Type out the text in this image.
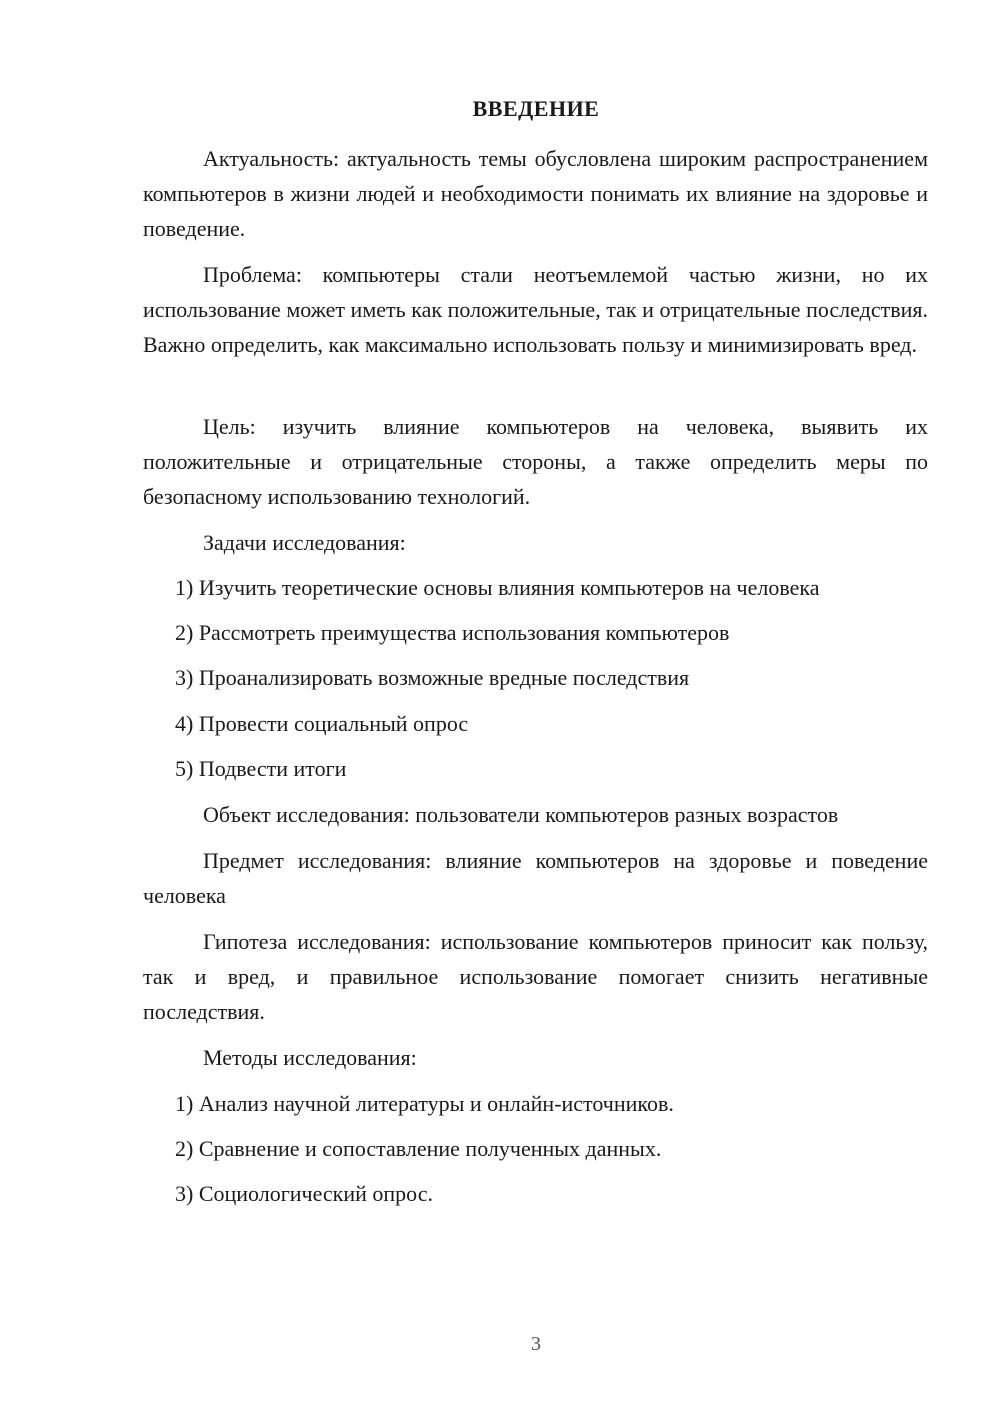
ВВЕДЕНИЕ

Актуальность: актуальность темы обусловлена широким распространением компьютеров в жизни людей и необходимости понимать их влияние на здоровье и поведение.

Проблема: компьютеры стали неотъемлемой частью жизни, но их использование может иметь как положительные, так и отрицательные последствия. Важно определить, как максимально использовать пользу и минимизировать вред.

Цель: изучить влияние компьютеров на человека, выявить их положительные и отрицательные стороны, а также определить меры по безопасному использованию технологий.

Задачи исследования:

1) Изучить теоретические основы влияния компьютеров на человека

2) Рассмотреть преимущества использования компьютеров

3) Проанализировать возможные вредные последствия

4) Провести социальный опрос

5) Подвести итоги

Объект исследования: пользователи компьютеров разных возрастов

Предмет исследования: влияние компьютеров на здоровье и поведение человека

Гипотеза исследования: использование компьютеров приносит как пользу, так и вред, и правильное использование помогает снизить негативные последствия.

Методы исследования:

1) Анализ научной литературы и онлайн-источников.

2) Сравнение и сопоставление полученных данных.

3) Социологический опрос.

3
